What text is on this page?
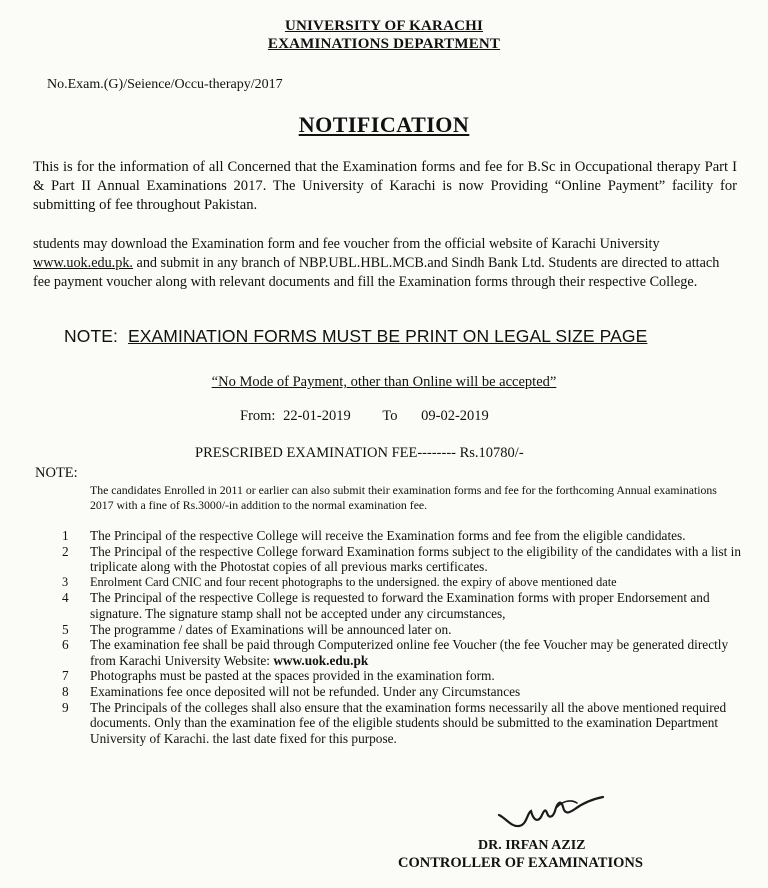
UNIVERSITY OF KARACHI
EXAMINATIONS DEPARTMENT
No.Exam.(G)/Seience/Occu-therapy/2017
NOTIFICATION
This is for the information of all Concerned that the Examination forms and fee for B.Sc in Occupational therapy Part I & Part II Annual Examinations 2017. The University of Karachi is now Providing “Online Payment” facility for submitting of fee throughout Pakistan.
students may download the Examination form and fee voucher from the official website of Karachi University www.uok.edu.pk. and submit in any branch of NBP.UBL.HBL.MCB.and Sindh Bank Ltd. Students are directed to attach fee payment voucher along with relevant documents and fill the Examination forms through their respective College.
NOTE: EXAMINATION FORMS MUST BE PRINT ON LEGAL SIZE PAGE
“No Mode of Payment, other than Online will be accepted”
From: 22-01-2019 To 09-02-2019
PRESCRIBED EXAMINATION FEE-------- Rs.10780/-
NOTE:
The candidates Enrolled in 2011 or earlier can also submit their examination forms and fee for the forthcoming Annual examinations 2017 with a fine of Rs.3000/-in addition to the normal examination fee.
1	The Principal of the respective College will receive the Examination forms and fee from the eligible candidates.
2	The Principal of the respective College forward Examination forms subject to the eligibility of the candidates with a list in triplicate along with the Photostat copies of all previous marks certificates.
3	Enrolment Card CNIC and four recent photographs to the undersigned. the expiry of above mentioned date
4	The Principal of the respective College is requested to forward the Examination forms with proper Endorsement and signature. The signature stamp shall not be accepted under any circumstances,
5	The programme / dates of Examinations will be announced later on.
6	The examination fee shall be paid through Computerized online fee Voucher (the fee Voucher may be generated directly from Karachi University Website: www.uok.edu.pk
7	Photographs must be pasted at the spaces provided in the examination form.
8	Examinations fee once deposited will not be refunded. Under any Circumstances
9	The Principals of the colleges shall also ensure that the examination forms necessarily all the above mentioned required documents. Only than the examination fee of the eligible students should be submitted to the examination Department University of Karachi. the last date fixed for this purpose.
DR. IRFAN AZIZ
CONTROLLER OF EXAMINATIONS
